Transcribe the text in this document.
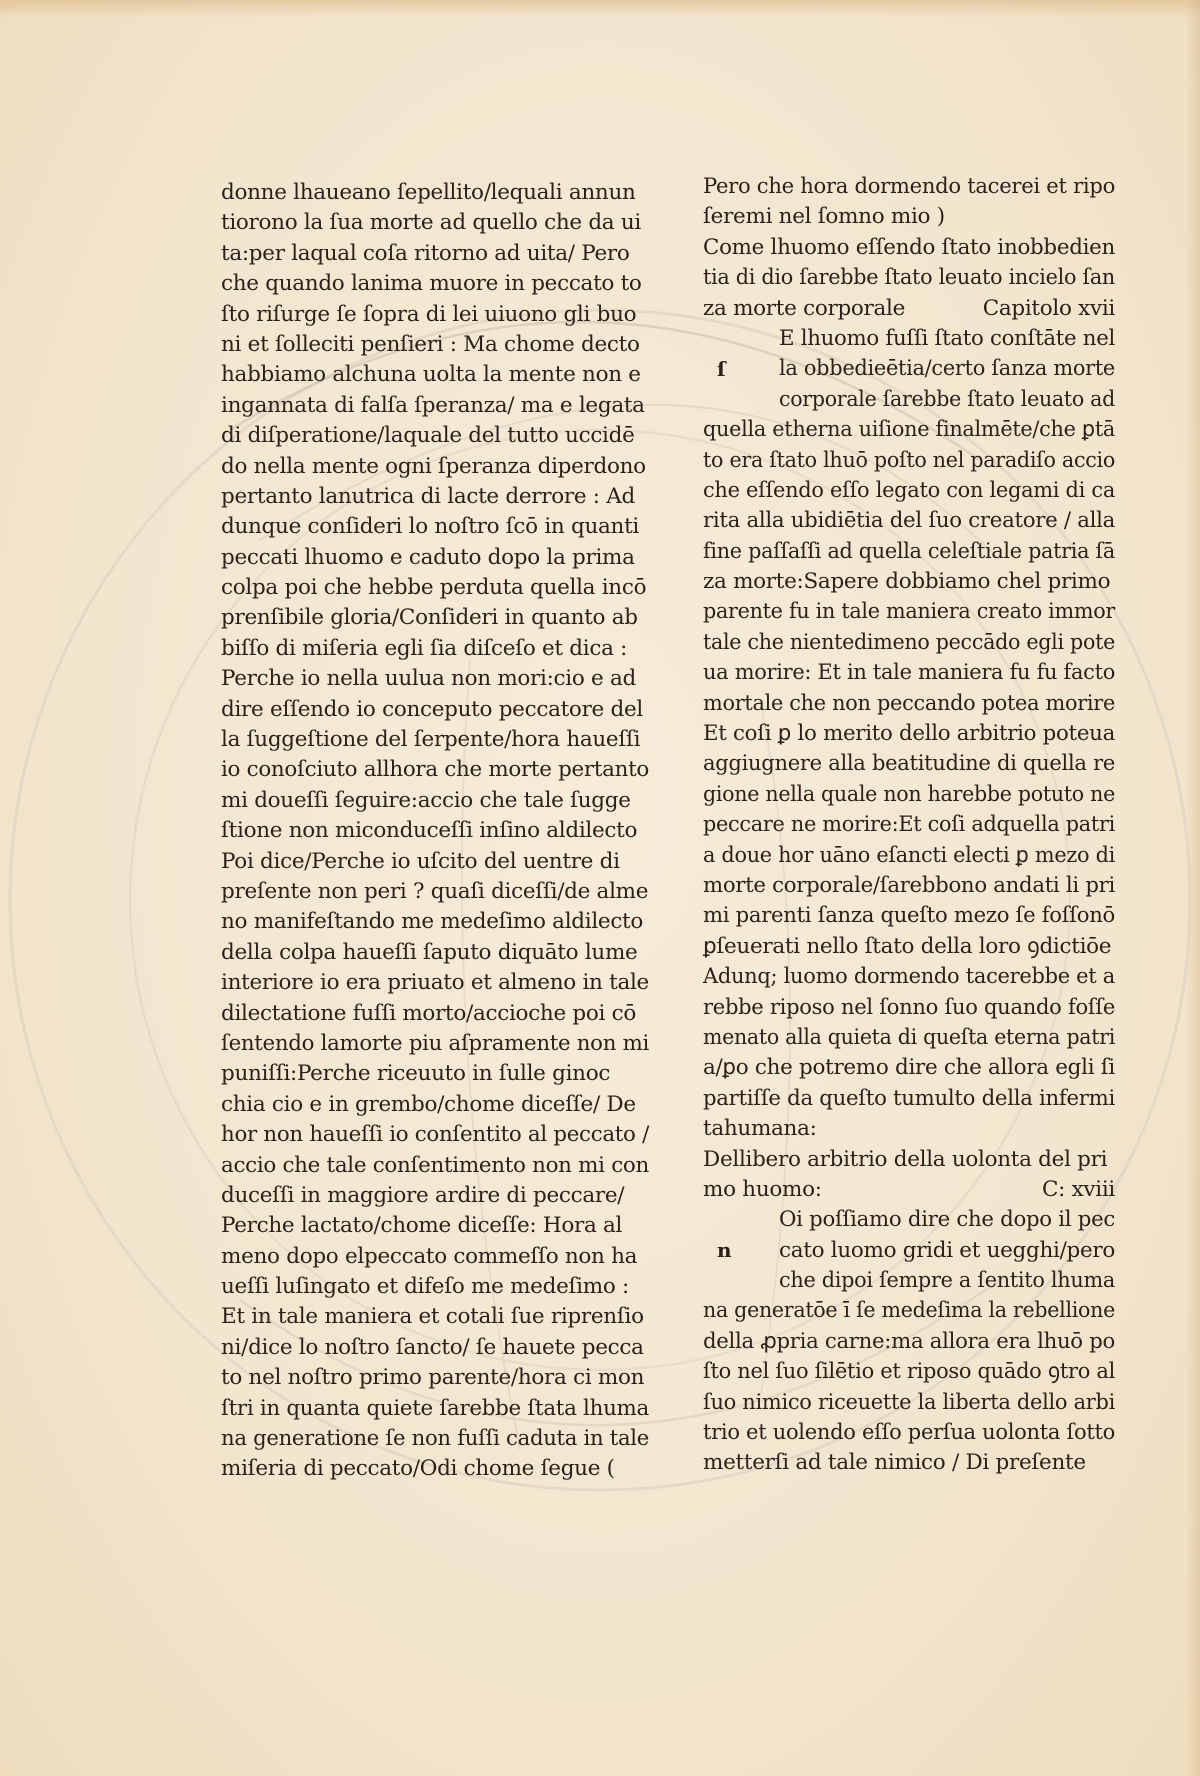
donne lhaueano ſepellito/lequali annun
tiorono la ſua morte ad quello che da ui
ta:per laqual coſa ritorno ad uita/ Pero
che quando lanima muore in peccato to
ſto riſurge ſe ſopra di lei uiuono gli buo
ni et ſolleciti penſieri : Ma chome decto
habbiamo alchuna uolta la mente non e
ingannata di falſa ſperanza/ ma e legata
di diſperatione/laquale del tutto uccidē
do nella mente ogni ſperanza diperdono
pertanto lanutrica di lacte derrore : Ad
dunque conſideri lo noſtro ſcō in quanti
peccati lhuomo e caduto dopo la prima
colpa poi che hebbe perduta quella incō
prenſibile gloria/Conſideri in quanto ab
biſſo di miſeria egli ſia diſceſo et dica :
Perche io nella uulua non mori:cio e ad
dire eſſendo io conceputo peccatore del
la ſuggeſtione del ſerpente/hora haueſſi
io conoſciuto allhora che morte pertanto
mi doueſſi ſeguire:accio che tale ſugge
ſtione non miconduceſſi inſino aldilecto
Poi dice/Perche io uſcito del uentre di
preſente non peri ? quaſi diceſſi/de alme
no manifeſtando me medeſimo aldilecto
della colpa haueſſi ſaputo diquāto lume
interiore io era priuato et almeno in tale
dilectatione fuſſi morto/accioche poi cō
ſentendo lamorte piu aſpramente non mi
puniſſi:Perche riceuuto in ſulle ginoc
chia cio e in grembo/chome diceſſe/ De
hor non haueſſi io conſentito al peccato /
accio che tale conſentimento non mi con
duceſſi in maggiore ardire di peccare/
Perche lactato/chome diceſſe: Hora al
meno dopo elpeccato commeſſo non ha
ueſſi luſingato et difeſo me medeſimo :
Et in tale maniera et cotali ſue riprenſio
ni/dice lo noſtro ſancto/ ſe hauete pecca
to nel noſtro primo parente/hora ci mon
ſtri in quanta quiete ſarebbe ſtata lhuma
na generatione ſe non fuſſi caduta in tale
miſeria di peccato/Odi chome ſegue (
Pero che hora dormendo tacerei et ripo
ſeremi nel ſomno mio )
Come lhuomo eſſendo ſtato inobbedien
tia di dio ſarebbe ſtato leuato incielo ſan
za morte corporale	Capitolo xvii
ſ
E lhuomo fuſſi ſtato conſtāte nel
la obbedieētia/certo ſanza morte
corporale ſarebbe ſtato leuato ad
quella etherna uiſione finalmēte/che ꝑtā
to era ſtato lhuō poſto nel paradiſo accio
che eſſendo eſſo legato con legami di ca
rita alla ubidiētia del ſuo creatore / alla
fine paſſaſſi ad quella celeſtiale patria ſā
za morte:Sapere dobbiamo chel primo
parente fu in tale maniera creato immor
tale che nientedimeno peccādo egli pote
ua morire: Et in tale maniera fu fu facto
mortale che non peccando potea morire
Et coſi ꝑ lo merito dello arbitrio poteua
aggiugnere alla beatitudine di quella re
gione nella quale non harebbe potuto ne
peccare ne morire:Et coſi adquella patri
a doue hor uāno eſancti electi ꝑ mezo di
morte corporale/ſarebbono andati li pri
mi parenti ſanza queſto mezo ſe foſſonō
ꝑſeuerati nello ſtato della loro ꝯdictiōe
Adunq; luomo dormendo tacerebbe et a
rebbe riposo nel ſonno ſuo quando foſſe
menato alla quieta di queſta eterna patri
a/ꝑo che potremo dire che allora egli ſi
partiſſe da queſto tumulto della infermi
tahumana:
Dellibero arbitrio della uolonta del pri
mo huomo:	C: xviii
n
Oi poſſiamo dire che dopo il pec
cato luomo gridi et uegghi/pero
che dipoi ſempre a ſentito lhuma
na generatōe ī ſe medeſima la rebellione
della ꝓpria carne:ma allora era lhuō po
ſto nel ſuo ſilētio et riposo quādo ꝯtro al
ſuo nimico riceuette la liberta dello arbi
trio et uolendo eſſo perſua uolonta ſotto
metterſi ad tale nimico / Di preſente
